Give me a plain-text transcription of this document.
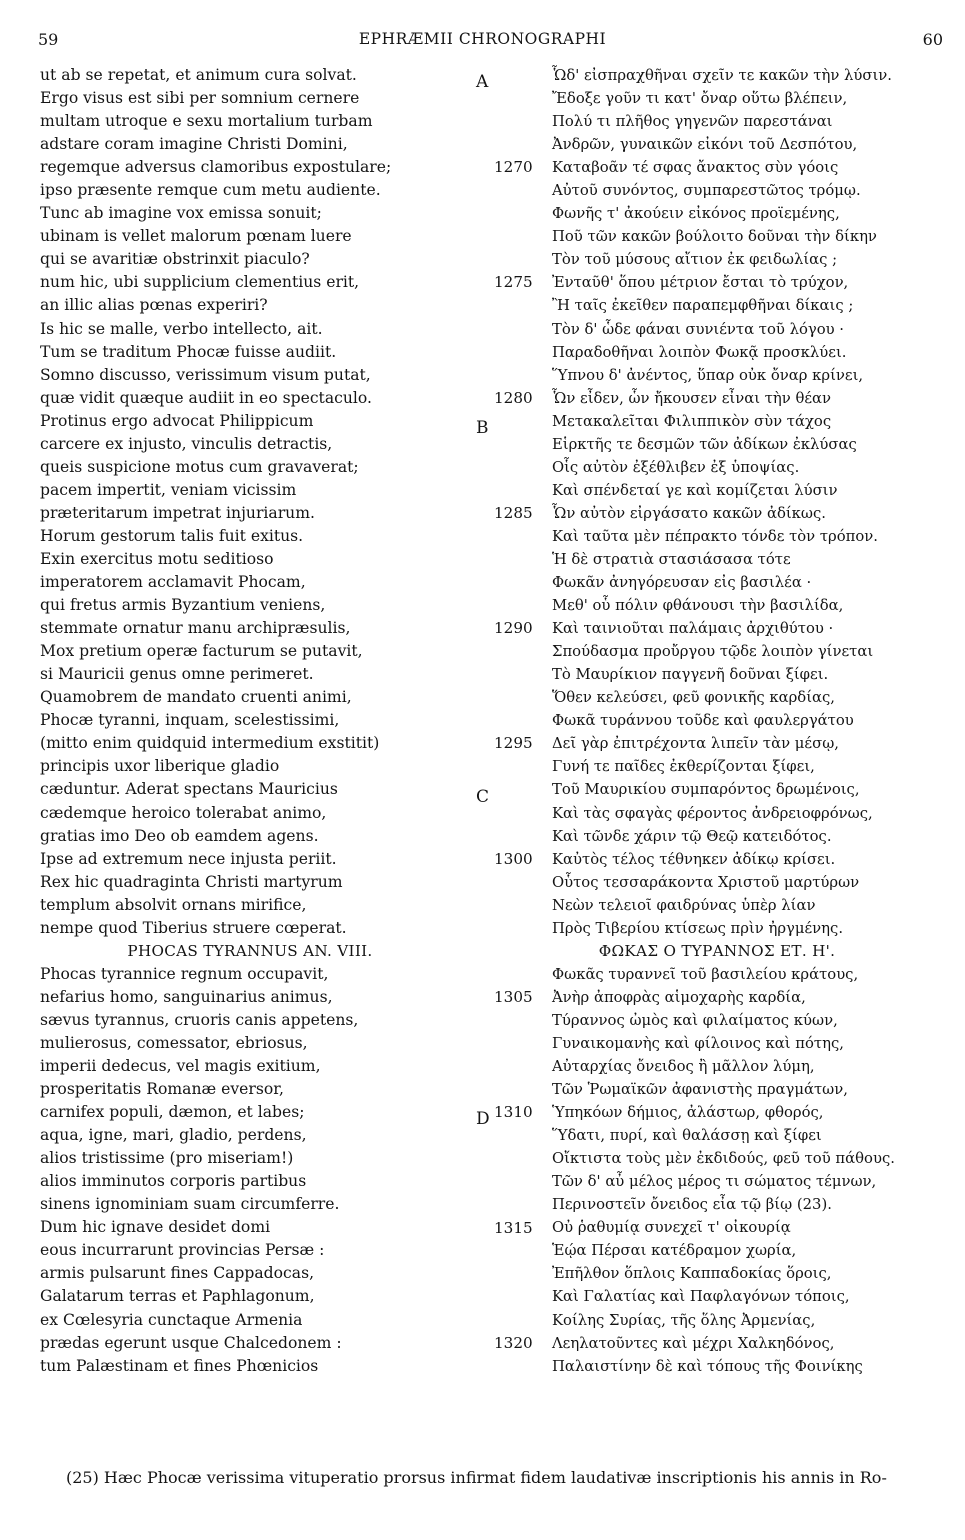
59	EPHRÆMII CHRONOGRAPHI	60
ut ab se repetat, et animum cura solvat.
Ergo visus est sibi per somnium cernere
multam utroque e sexu mortalium turbam
adstare coram imagine Christi Domini,
regemque adversus clamoribus expostulare;
ipso præsente remque cum metu audiente.
Tunc ab imagine vox emissa sonuit;
ubinam is vellet malorum pœnam luere
qui se avaritiæ obstrinxit piaculo?
num hic, ubi supplicium clementius erit,
an illic alias pœnas experiri?
Is hic se malle, verbo intellecto, ait.
Tum se traditum Phocæ fuisse audiit.
Somno discusso, verissimum visum putat,
quæ vidit quæque audiit in eo spectaculo.
Protinus ergo advocat Philippicum
carcere ex injusto, vinculis detractis,
queis suspicione motus cum gravaverat;
pacem impertit, veniam vicissim
præteritarum impetrat injuriarum.
Horum gestorum talis fuit exitus.
Exin exercitus motu seditioso
imperatorem acclamavit Phocam,
qui fretus armis Byzantium veniens,
stemmate ornatur manu archipræsulis,
Mox pretium operæ facturum se putavit,
si Mauricii genus omne perimeret.
Quamobrem de mandato cruenti animi,
Phocæ tyranni, inquam, scelestissimi,
(mitto enim quidquid intermedium exstitit)
principis uxor liberique gladio
cæduntur. Aderat spectans Mauricius
cædemque heroico tolerabat animo,
gratias imo Deo ob eamdem agens.
Ipse ad extremum nece injusta periit.
Rex hic quadraginta Christi martyrum
templum absolvit ornans mirifice,
nempe quod Tiberius struere cœperat.
PHOCAS TYRANNUS AN. VIII.
Phocas tyrannice regnum occupavit,
nefarius homo, sanguinarius animus,
sævus tyrannus, cruoris canis appetens,
mulierosus, comessator, ebriosus,
imperii dedecus, vel magis exitium,
prosperitatis Romanæ eversor,
carnifex populi, dæmon, et labes;
aqua, igne, mari, gladio, perdens,
alios tristissime (pro miseriam!)
alios imminutos corporis partibus
sinens ignominiam suam circumferre.
Dum hic ignave desidet domi
eous incurrarunt provincias Persæ :
armis pulsarunt fines Cappadocas,
Galatarum terras et Paphlagonum,
ex Cœlesyria cunctaque Armenia
prædas egerunt usque Chalcedonem :
tum Palæstinam et fines Phœnicios
1270
1275
1280
1285
1290
1295
1300
1305
1310
1315
1320
A
B
C
D
Ὧδ' εἰσπραχθῆναι σχεῖν τε κακῶν τὴν λύσιν.
Ἔδοξε γοῦν τι κατ' ὄναρ οὕτω βλέπειν,
Πολύ τι πλῆθος γηγενῶν παρεστάναι
Ἀνδρῶν, γυναικῶν εἰκόνι τοῦ Δεσπότου,
Καταβοᾶν τέ σφας ἄνακτος σὺν γόοις
Αὐτοῦ συνόντος, συμπαρεστῶτος τρόμῳ.
Φωνῆς τ' ἀκούειν εἰκόνος προϊεμένης,
Ποῦ τῶν κακῶν βούλοιτο δοῦναι τὴν δίκην
Τὸν τοῦ μύσους αἴτιον ἐκ φειδωλίας ;
Ἐνταῦθ' ὅπου μέτριον ἔσται τὸ τρύχον,
Ἢ ταῖς ἐκεῖθεν παραπεμφθῆναι δίκαις ;
Τὸν δ' ὧδε φάναι συνιέντα τοῦ λόγου ·
Παραδοθῆναι λοιπὸν Φωκᾷ προσκλύει.
Ὕπνου δ' ἀνέντος, ὕπαρ οὐκ ὄναρ κρίνει,
Ὧν εἶδεν, ὧν ἤκουσεν εἶναι τὴν θέαν
Μετακαλεῖται Φιλιππικὸν σὺν τάχος
Εἱρκτῆς τε δεσμῶν τῶν ἀδίκων ἐκλύσας
Οἷς αὐτὸν ἐξέθλιβεν ἐξ ὑποψίας.
Καὶ σπένδεταί γε καὶ κομίζεται λύσιν
Ὧν αὐτὸν εἰργάσατο κακῶν ἀδίκως.
Καὶ ταῦτα μὲν πέπρακτο τόνδε τὸν τρόπον.
Ἡ δὲ στρατιὰ στασιάσασα τότε
Φωκᾶν ἀνηγόρευσαν εἰς βασιλέα ·
Μεθ' οὗ πόλιν φθάνουσι τὴν βασιλίδα,
Καὶ ταινιοῦται παλάμαις ἀρχιθύτου ·
Σπούδασμα προὔργου τῷδε λοιπὸν γίνεται
Τὸ Μαυρίκιον παγγενῆ δοῦναι ξίφει.
Ὅθεν κελεύσει, φεῦ φονικῆς καρδίας,
Φωκᾶ τυράννου τοῦδε καὶ φαυλεργάτου
Δεῖ γὰρ ἐπιτρέχοντα λιπεῖν τὰν μέσῳ,
Γυνή τε παῖδες ἐκθερίζονται ξίφει,
Τοῦ Μαυρικίου συμπαρόντος δρωμένοις,
Καὶ τὰς σφαγὰς φέροντος ἀνδρειοφρόνως,
Καὶ τῶνδε χάριν τῷ Θεῷ κατειδότος.
Καὐτὸς τέλος τέθνηκεν ἀδίκῳ κρίσει.
Οὗτος τεσσαράκοντα Χριστοῦ μαρτύρων
Νεὼν τελειοῖ φαιδρύνας ὑπὲρ λίαν
Πρὸς Τιβερίου κτίσεως πρὶν ἠργμένης.
ΦΩΚΑΣ Ο ΤΥΡΑΝΝΟΣ ΕΤ. Η'.
Φωκᾶς τυραννεῖ τοῦ βασιλείου κράτους,
Ἀνὴρ ἀποφρὰς αἱμοχαρὴς καρδία,
Τύραννος ὠμὸς καὶ φιλαίματος κύων,
Γυναικομανὴς καὶ φίλοινος καὶ πότης,
Αὐταρχίας ὄνειδος ἢ μᾶλλον λύμη,
Τῶν Ῥωμαϊκῶν ἀφανιστὴς πραγμάτων,
Ὑπηκόων δήμιος, ἀλάστωρ, φθορός,
Ὕδατι, πυρί, καὶ θαλάσσῃ καὶ ξίφει
Οἴκτιστα τοὺς μὲν ἐκδιδούς, φεῦ τοῦ πάθους.
Τῶν δ' αὖ μέλος μέρος τι σώματος τέμνων,
Περινοστεῖν ὄνειδος εἶα τῷ βίῳ (23).
Οὐ ῥαθυμίᾳ συνεχεῖ τ' οἰκουρίᾳ
Ἑῴα Πέρσαι κατέδραμον χωρία,
Ἐπῆλθον ὅπλοις Καππαδοκίας ὅροις,
Καὶ Γαλατίας καὶ Παφλαγόνων τόποις,
Κοίλης Συρίας, τῆς ὅλης Ἀρμενίας,
Λεηλατοῦντες καὶ μέχρι Χαλκηδόνος,
Παλαιστίνην δὲ καὶ τόπους τῆς Φοινίκης
(25) Hæc Phocæ verissima vituperatio prorsus infirmat fidem laudativæ inscriptionis his annis in Ro-
